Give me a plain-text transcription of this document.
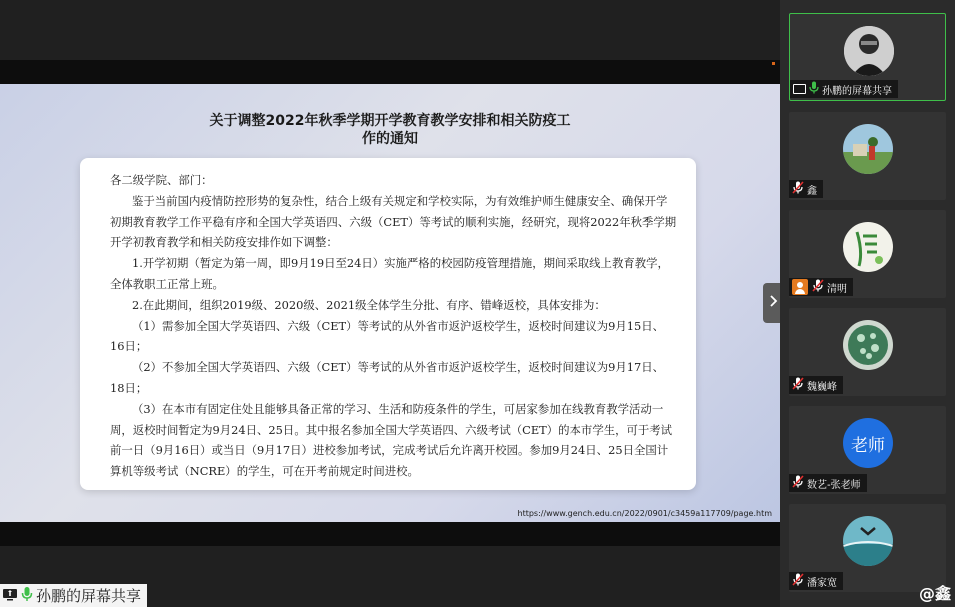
关于调整2022年秋季学期开学教育教学安排和相关防疫工
作的通知

各二级学院、部门：

鉴于当前国内疫情防控形势的复杂性，结合上级有关规定和学校实际，为有效维护师生健康安全、确保开学初期教育教学工作平稳有序和全国大学英语四、六级（CET）等考试的顺利实施，经研究，现将2022年秋季学期开学初教育教学和相关防疫安排作如下调整：

1.开学初期（暂定为第一周，即9月19日至24日）实施严格的校园防疫管理措施，期间采取线上教育教学，全体教职工正常上班。

2.在此期间，组织2019级、2020级、2021级全体学生分批、有序、错峰返校，具体安排为：

（1）需参加全国大学英语四、六级（CET）等考试的从外省市返沪返校学生，返校时间建议为9月15日、16日；

（2）不参加全国大学英语四、六级（CET）等考试的从外省市返沪返校学生，返校时间建议为9月17日、18日；

（3）在本市有固定住处且能够具备正常的学习、生活和防疫条件的学生，可居家参加在线教育教学活动一周，返校时间暂定为9月24日、25日。其中报名参加全国大学英语四、六级考试（CET）的本市学生，可于考试前一日（9月16日）或当日（9月17日）进校参加考试，完成考试后允许离开校园。参加9月24日、25日全国计算机等级考试（NCRE）的学生，可在开考前规定时间进校。

https://www.gench.edu.cn/2022/0901/c3459a117709/page.htm
孙鹏的屏幕共享
孙鹏的屏幕共享
鑫
清明
魏巍峰
老师
数艺-张老师
潘家宽
@鑫
